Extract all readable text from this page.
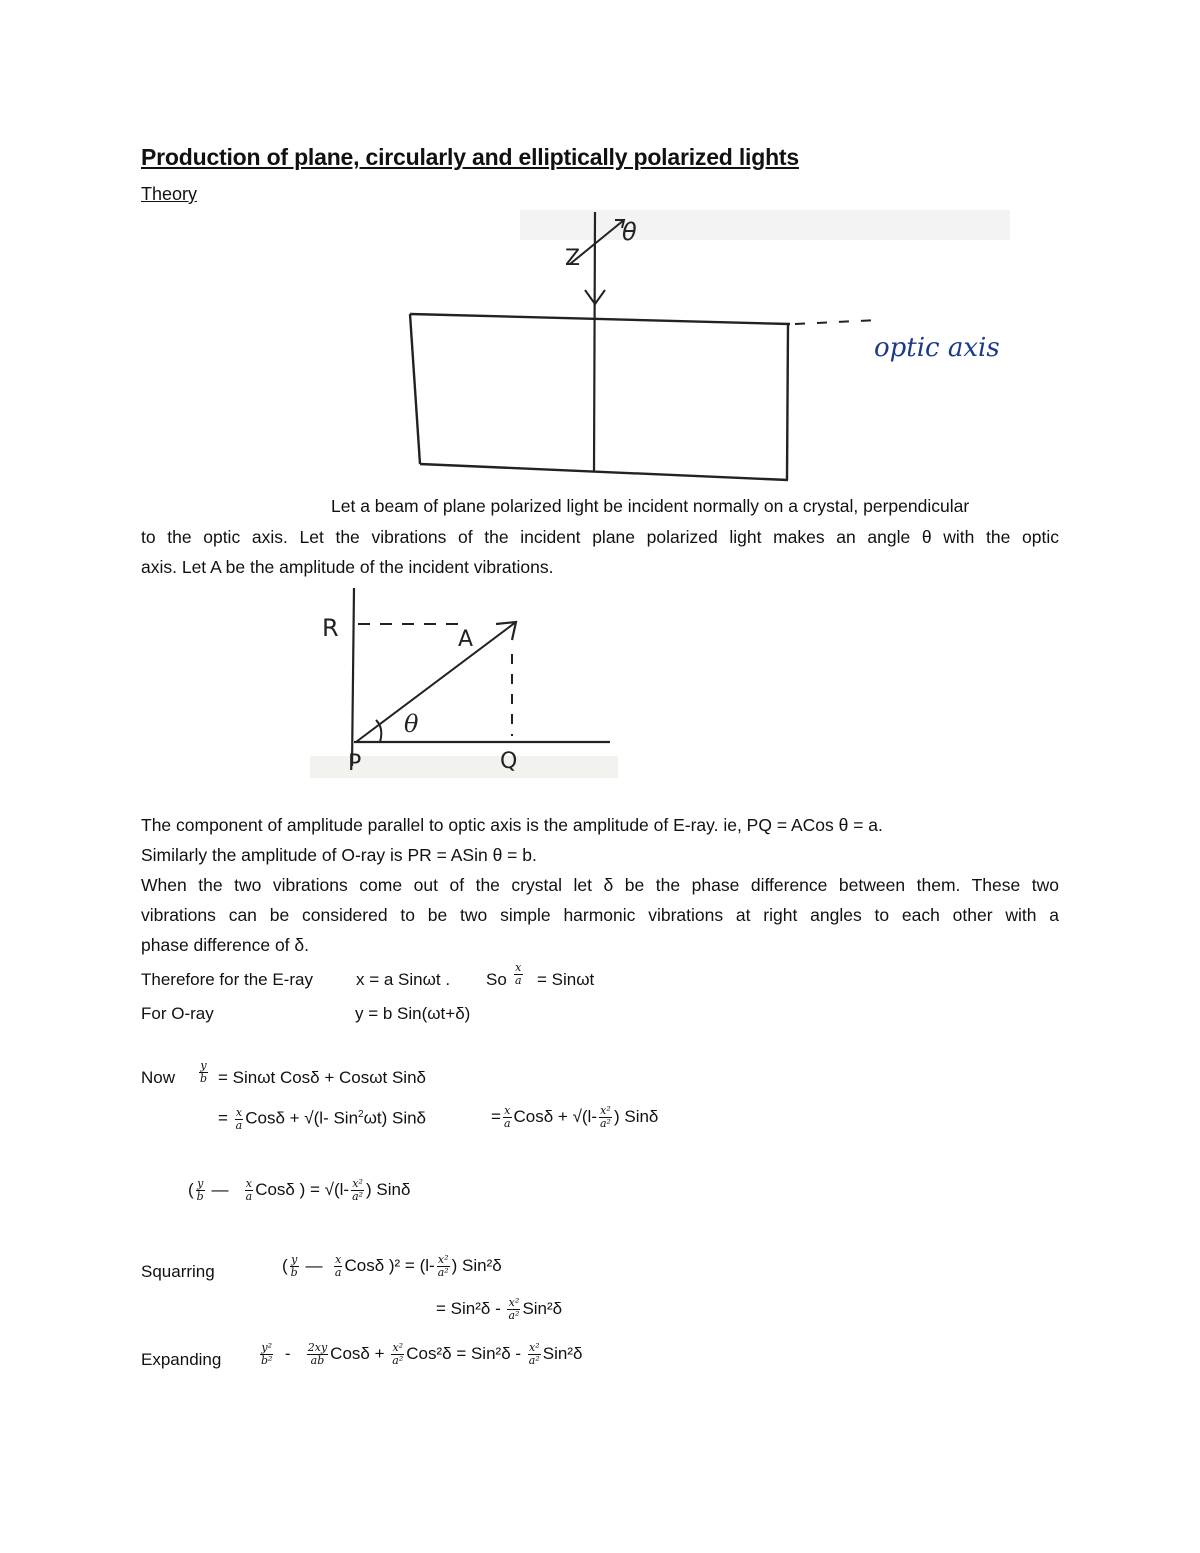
Production of plane, circularly and elliptically polarized lights
Theory
Z
θ
optic axis
Let a beam of plane polarized light be incident normally on a crystal, perpendicular
to the optic axis. Let the vibrations of the incident plane polarized light makes an angle θ with the optic
axis. Let A be the amplitude of the incident vibrations.
R	A
θ
P	Q
The component of amplitude parallel to optic axis is the amplitude of E-ray. ie, PQ = ACos θ = a.
Similarly the amplitude of O-ray is PR = ASin θ = b.
When the two vibrations come out of the crystal let δ be the phase difference between them. These two
vibrations can be considered to be two simple harmonic vibrations at right angles to each other with a
phase difference of δ.
Therefore for the E-ray	x = a Sinωt . So $\frac{x}{a} = Sin\omega t$
For O-ray	y = b Sin(ωt+δ)
Now $\frac{y}{b} = Sin\omega t$ Cosδ + Cosωt Sinδ
= $\frac{x}{a}$ Cosδ + √(l- Sin$^2$ωt) Sinδ	= $\frac{x}{a}$ $Cos\delta + √(l- \frac{\text{x²}}{\text{a²}}$ ) Sinδ
( $\frac{y}{b}$ — $\frac{x}{a}$ Cosδ ) = $√(l- \frac{\text{x²}}{\text{a²}}$ ) Sinδ
Squarring	( $\frac{y}{b}$ — $\frac{x}{a}$ Cosδ )$^2 = (l- \frac{\text{x²}}{\text{a²}}$ ) Sin²δ
= $Sin^2\delta - \frac{\text{x²}}{\text{a²}} Sin^2\delta$
Expanding	$\frac{\text{y²}}{\text{b²}} - \frac{2xy}{ab}$ $Cos\delta + \frac{\text{x²}}{\text{a²}} Cos^2\delta = Sin^2\delta - \frac{\text{x²}}{\text{a²}} Sin^2\delta$
